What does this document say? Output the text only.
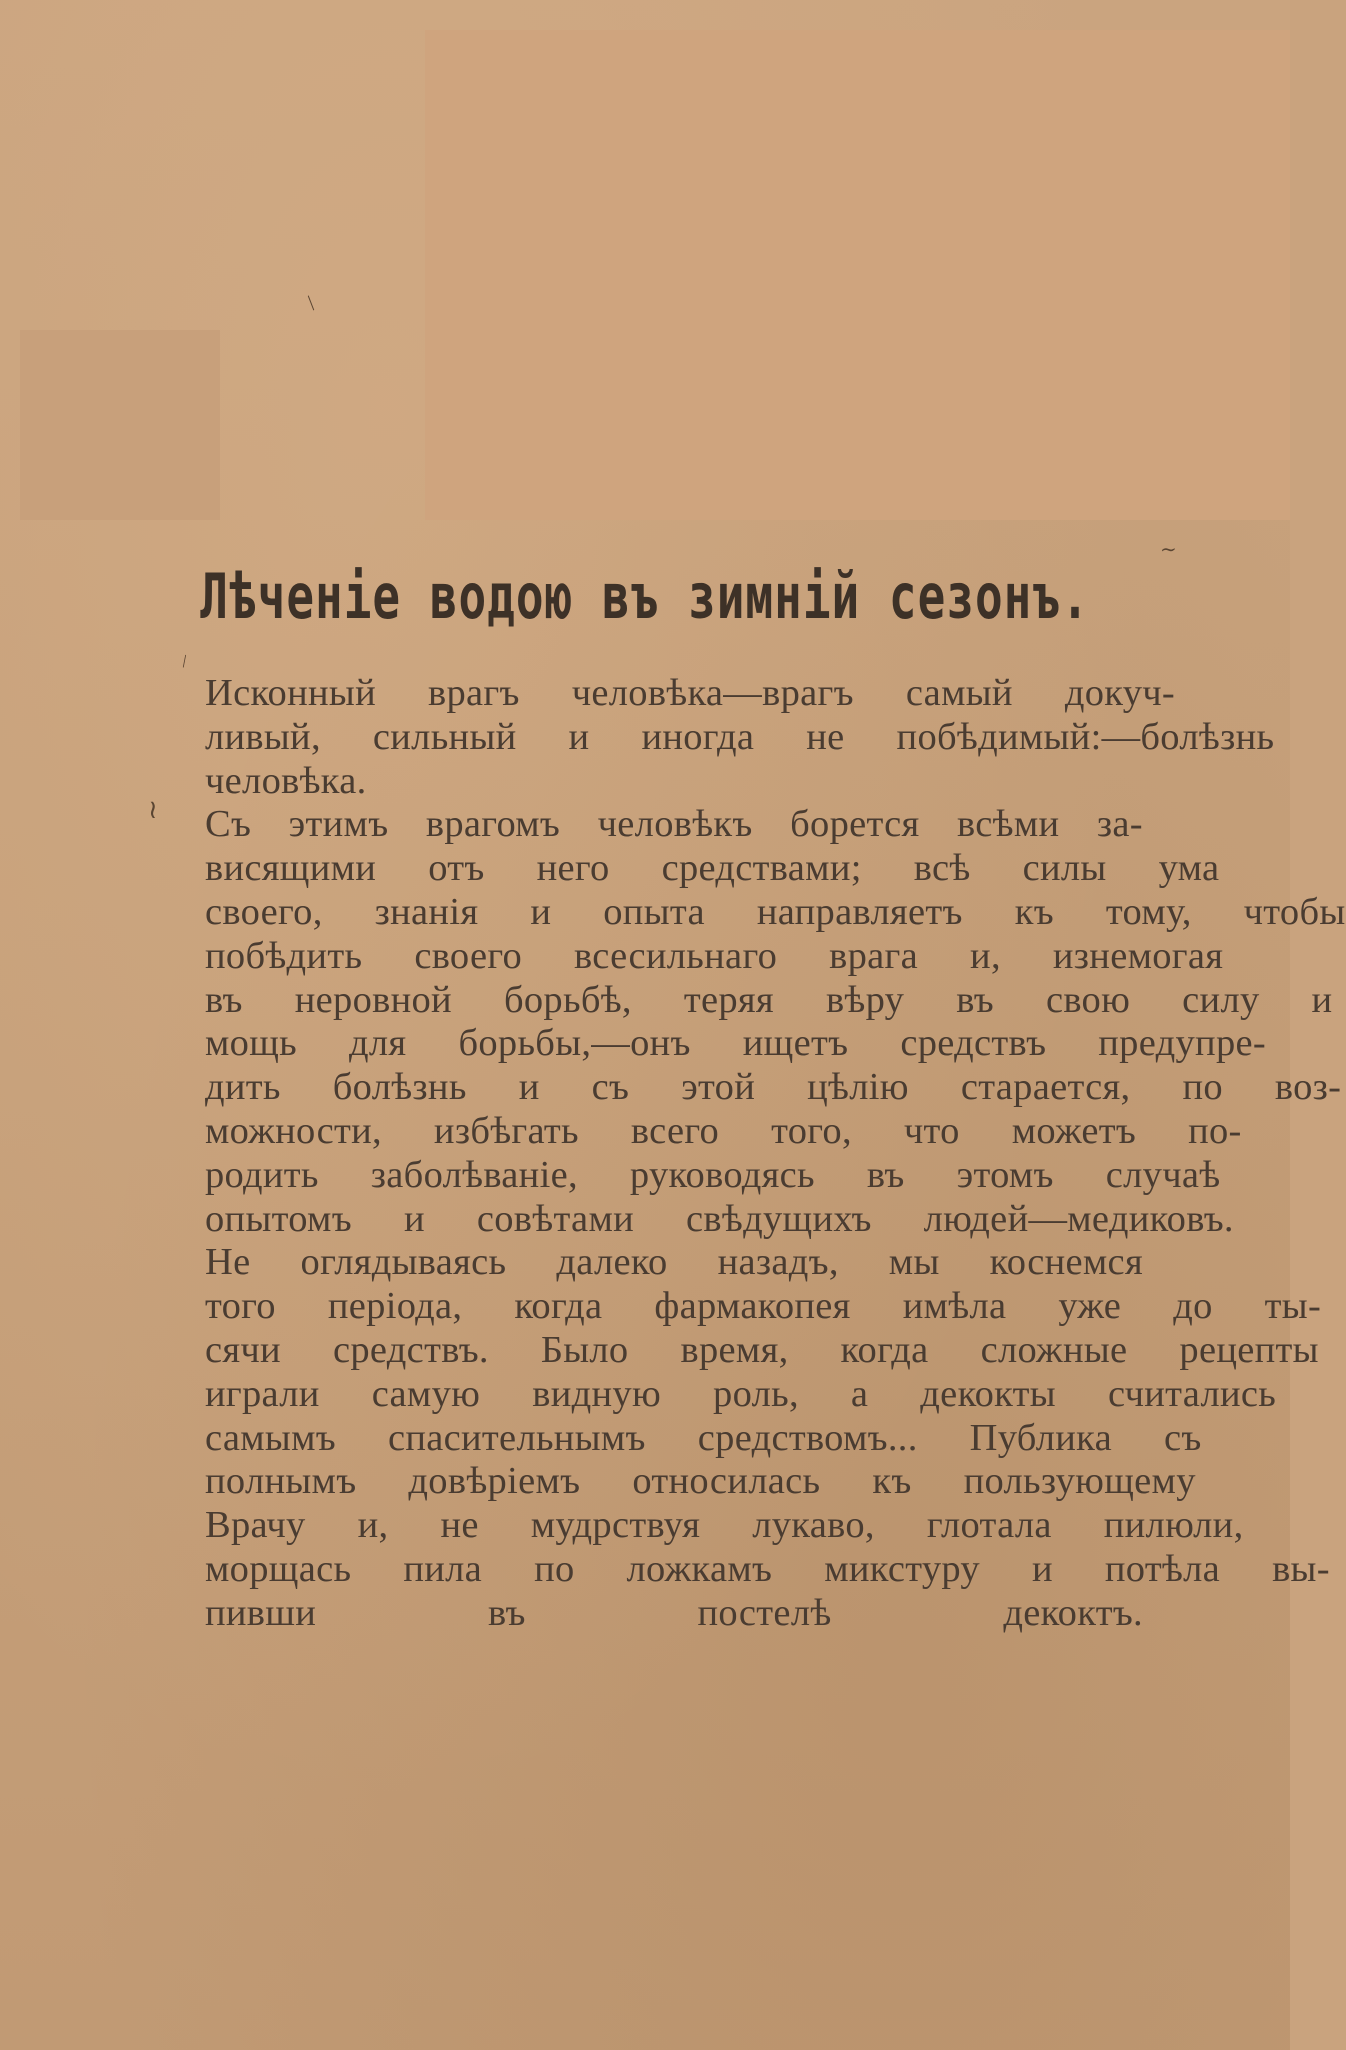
/
\
≀
∼
Лѣченіе водою въ зимній сезонъ.

Исконный	врагъ	человѣка—врагъ	самый	докуч-
ливый,	сильный	и	иногда	не	побѣдимый:—болѣзнь
человѣка.

Съ этимъ врагомъ человѣкъ борется всѣми за-
висящими	отъ	него	средствами;	всѣ	силы	ума
своего,	знанія	и	опыта	направляетъ	къ	тому,	чтобы
побѣдить	своего	всесильнаго	врага	и,	изнемогая
въ	неровной	борьбѣ,	теряя	вѣру	въ	свою	силу	и
мощь	для	борьбы,—онъ	ищетъ	средствъ	предупре-
дить	болѣзнь	и	съ	этой	цѣлію	старается,	по	воз-
можности,	избѣгать	всего	того,	что	можетъ	по-
родить	заболѣваніе,	руководясь	въ	этомъ	случаѣ
опытомъ	и	совѣтами	свѣдущихъ	людей—медиковъ.

Не оглядываясь далеко назадъ, мы коснемся
того	періода,	когда	фармакопея	имѣла	уже	до	ты-
сячи	средствъ.	Было	время,	когда	сложные	рецепты
играли	самую	видную	роль,	а	декокты	считались
самымъ	спасительнымъ	средствомъ...	Публика	съ
полнымъ	довѣріемъ	относилась	къ	пользующему
Врачу	и,	не	мудрствуя	лукаво,	глотала	пилюли,
морщась	пила	по	ложкамъ	микстуру	и	потѣла	вы-
пивши въ постелѣ декоктъ.
